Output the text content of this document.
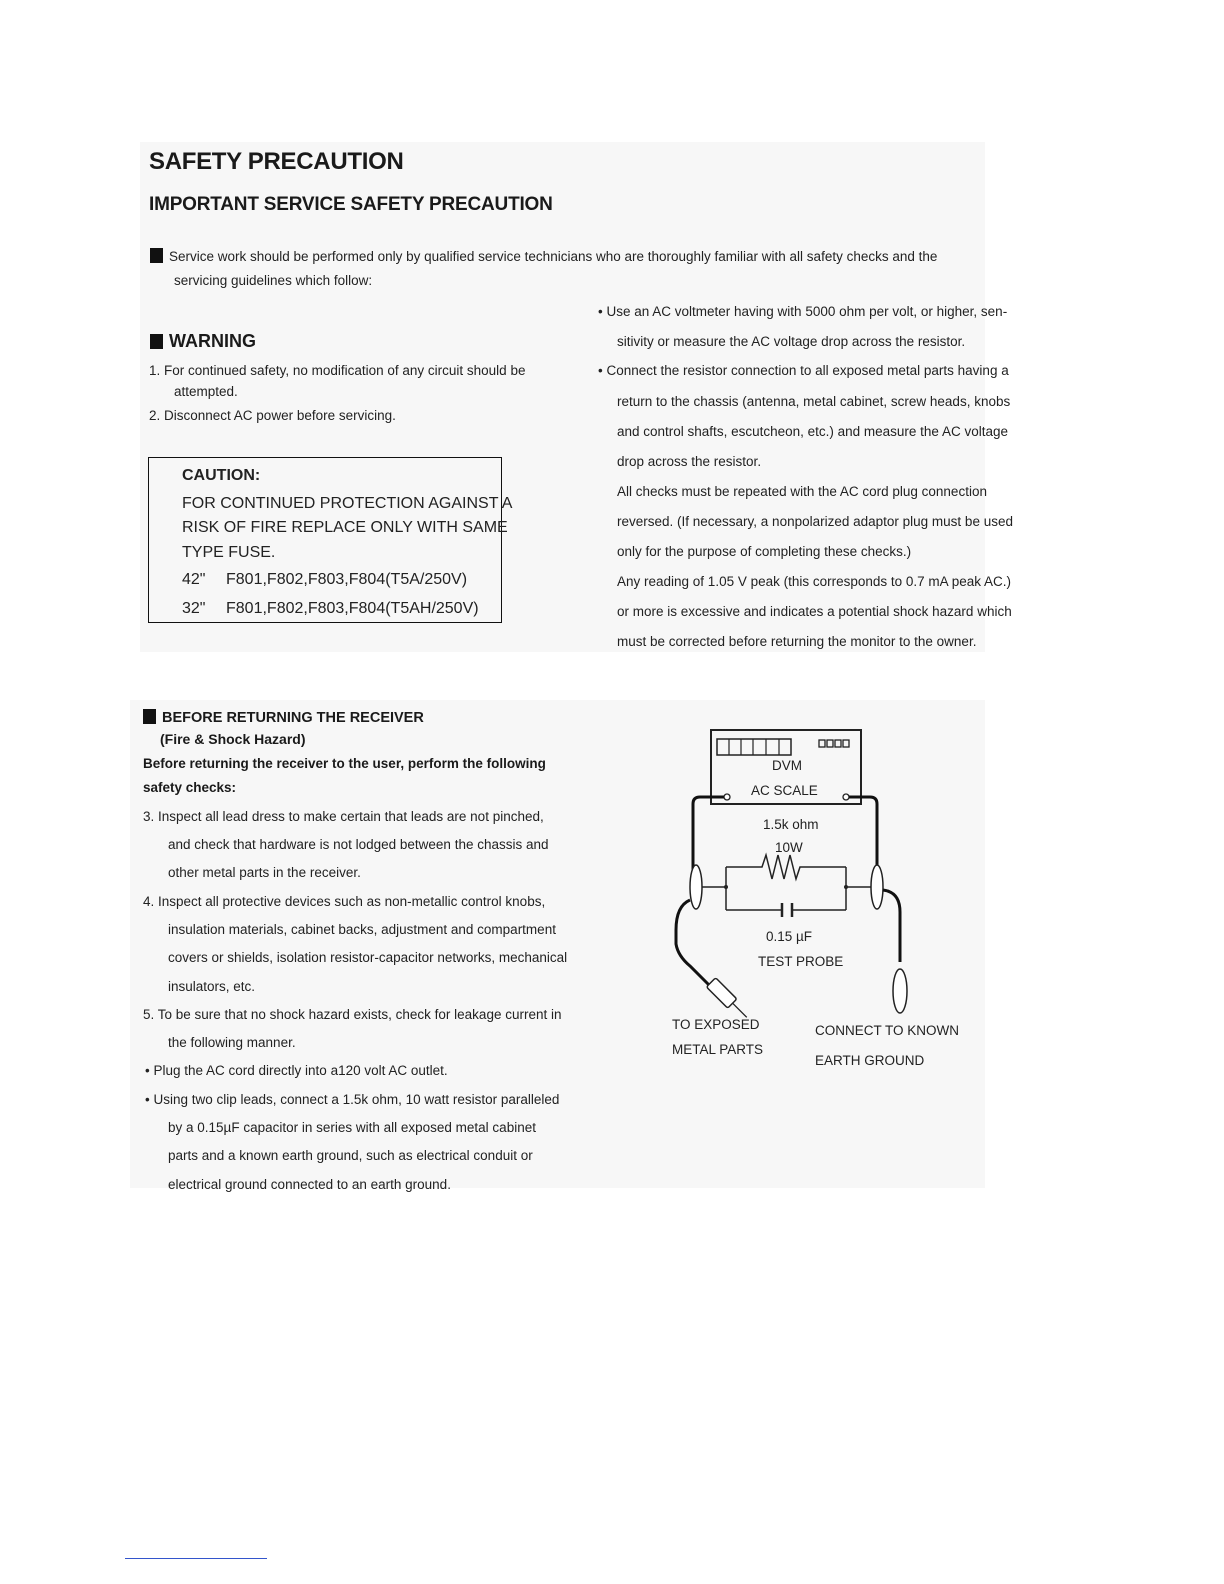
SAFETY PRECAUTION
IMPORTANT SERVICE SAFETY PRECAUTION
Service work should be performed only by qualified service technicians who are thoroughly familiar with all safety checks and the
servicing guidelines which follow:
WARNING
1. For continued safety, no modification of any circuit should be
attempted.
2. Disconnect AC power before servicing.
CAUTION:
FOR CONTINUED PROTECTION AGAINST A
RISK OF FIRE REPLACE ONLY WITH SAME
TYPE FUSE.
42" F801,F802,F803,F804(T5A/250V)
32" F801,F802,F803,F804(T5AH/250V)
• Use an AC voltmeter having with 5000 ohm per volt, or higher, sen-
sitivity or measure the AC voltage drop across the resistor.
• Connect the resistor connection to all exposed metal parts having a
return to the chassis (antenna, metal cabinet, screw heads, knobs
and control shafts, escutcheon, etc.) and measure the AC voltage
drop across the resistor.
All checks must be repeated with the AC cord plug connection
reversed. (If necessary, a nonpolarized adaptor plug must be used
only for the purpose of completing these checks.)
Any reading of 1.05 V peak (this corresponds to 0.7 mA peak AC.)
or more is excessive and indicates a potential shock hazard which
must be corrected before returning the monitor to the owner.
BEFORE RETURNING THE RECEIVER
(Fire & Shock Hazard)
Before returning the receiver to the user, perform the following
safety checks:
3. Inspect all lead dress to make certain that leads are not pinched,
and check that hardware is not lodged between the chassis and
other metal parts in the receiver.
4. Inspect all protective devices such as non-metallic control knobs,
insulation materials, cabinet backs, adjustment and compartment
covers or shields, isolation resistor-capacitor networks, mechanical
insulators, etc.
5. To be sure that no shock hazard exists, check for leakage current in
the following manner.
• Plug the AC cord directly into a120 volt AC outlet.
• Using two clip leads, connect a 1.5k ohm, 10 watt resistor paralleled
by a 0.15µF capacitor in series with all exposed metal cabinet
parts and a known earth ground, such as electrical conduit or
electrical ground connected to an earth ground.
DVM
AC SCALE
1.5k ohm
10W
0.15 µF
TEST PROBE
TO EXPOSED
METAL PARTS
CONNECT TO KNOWN
EARTH GROUND
